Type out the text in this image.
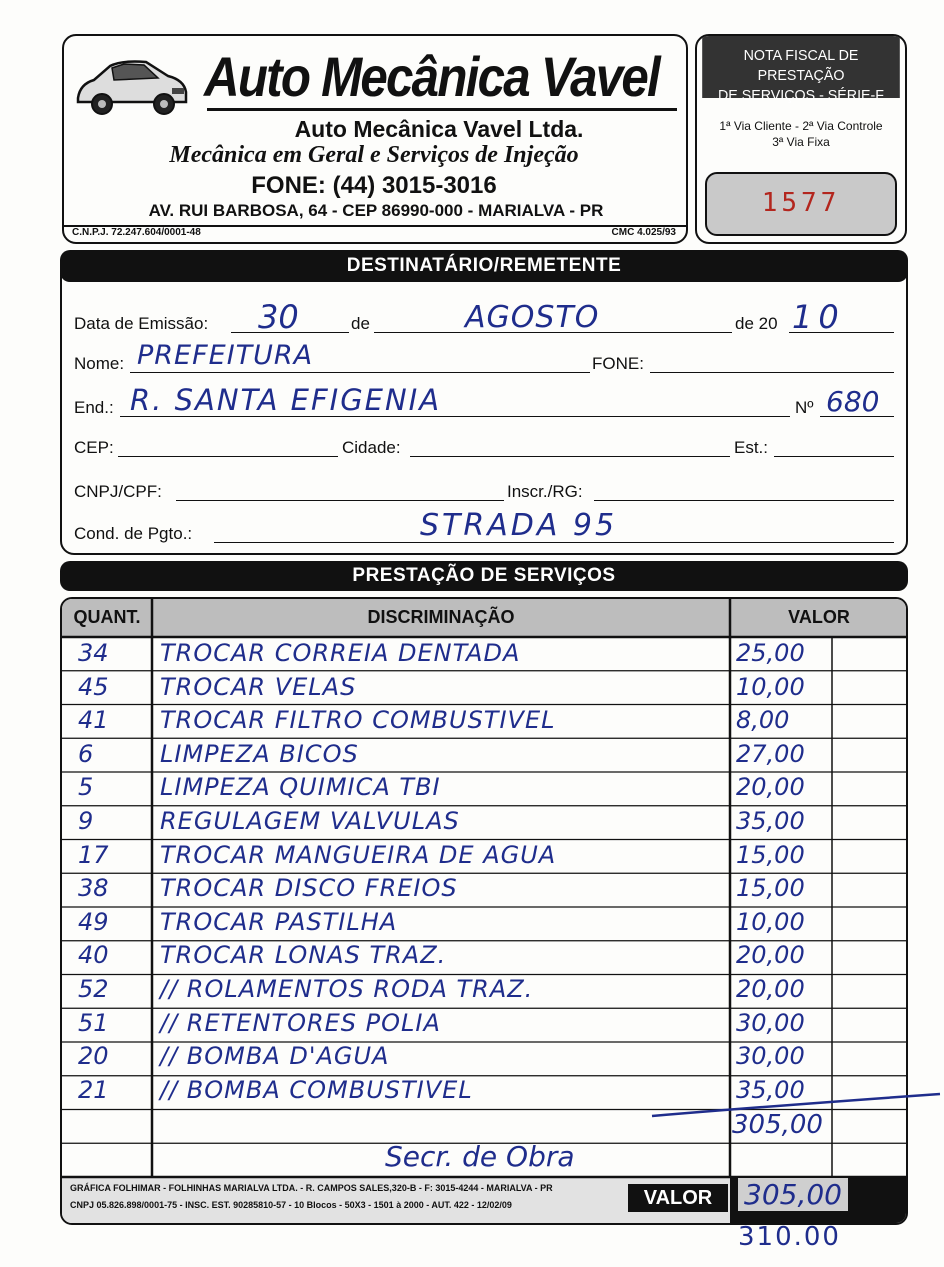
Auto Mecânica Vavel
Auto Mecânica Vavel Ltda.
Mecânica em Geral e Serviços de Injeção
FONE: (44) 3015-3016
AV. RUI BARBOSA, 64 - CEP 86990-000 - MARIALVA - PR
C.N.P.J. 72.247.604/0001-48	CMC 4.025/93
NOTA FISCAL DE PRESTAÇÃO
DE SERVIÇOS - SÉRIE-F
1ª Via Cliente - 2ª Via Controle
3ª Via Fixa
1577
DESTINATÁRIO/REMETENTE
Data de Emissão:	de	de 20
30	AGOSTO	10
Nome:	FONE:
PREFEITURA
End.:	Nº
R. SANTA EFIGENIA	680
CEP:	Cidade:	Est.:
CNPJ/CPF:	Inscr./RG:
Cond. de Pgto.:	STRADA 95
PRESTAÇÃO DE SERVIÇOS
QUANT.	DISCRIMINAÇÃO	VALOR
34 TROCAR CORREIA DENTADA	25,00
45 TROCAR VELAS	10,00
41 TROCAR FILTRO COMBUSTIVEL	8,00
6	LIMPEZA BICOS	27,00
5	LIMPEZA QUIMICA TBI	20,00
9	REGULAGEM VALVULAS	35,00
17 TROCAR MANGUEIRA DE AGUA	15,00
38 TROCAR DISCO FREIOS	15,00
49 TROCAR PASTILHA	10,00
40 TROCAR LONAS TRAZ.	20,00
52 // ROLAMENTOS RODA TRAZ.	20,00
51 // RETENTORES POLIA	30,00
20 // BOMBA D'AGUA	30,00
21 // BOMBA COMBUSTIVEL	35,00
305,00
Secr. de Obra
GRÁFICA FOLHIMAR - FOLHINHAS MARIALVA LTDA. - R. CAMPOS SALES,320-B - F: 3015-4244 - MARIALVA - PR
CNPJ 05.826.898/0001-75 - INSC. EST. 90285810-57 - 10 Blocos - 50X3 - 1501 à 2000 - AUT. 422 - 12/02/09	VALOR	305,00
310.00
